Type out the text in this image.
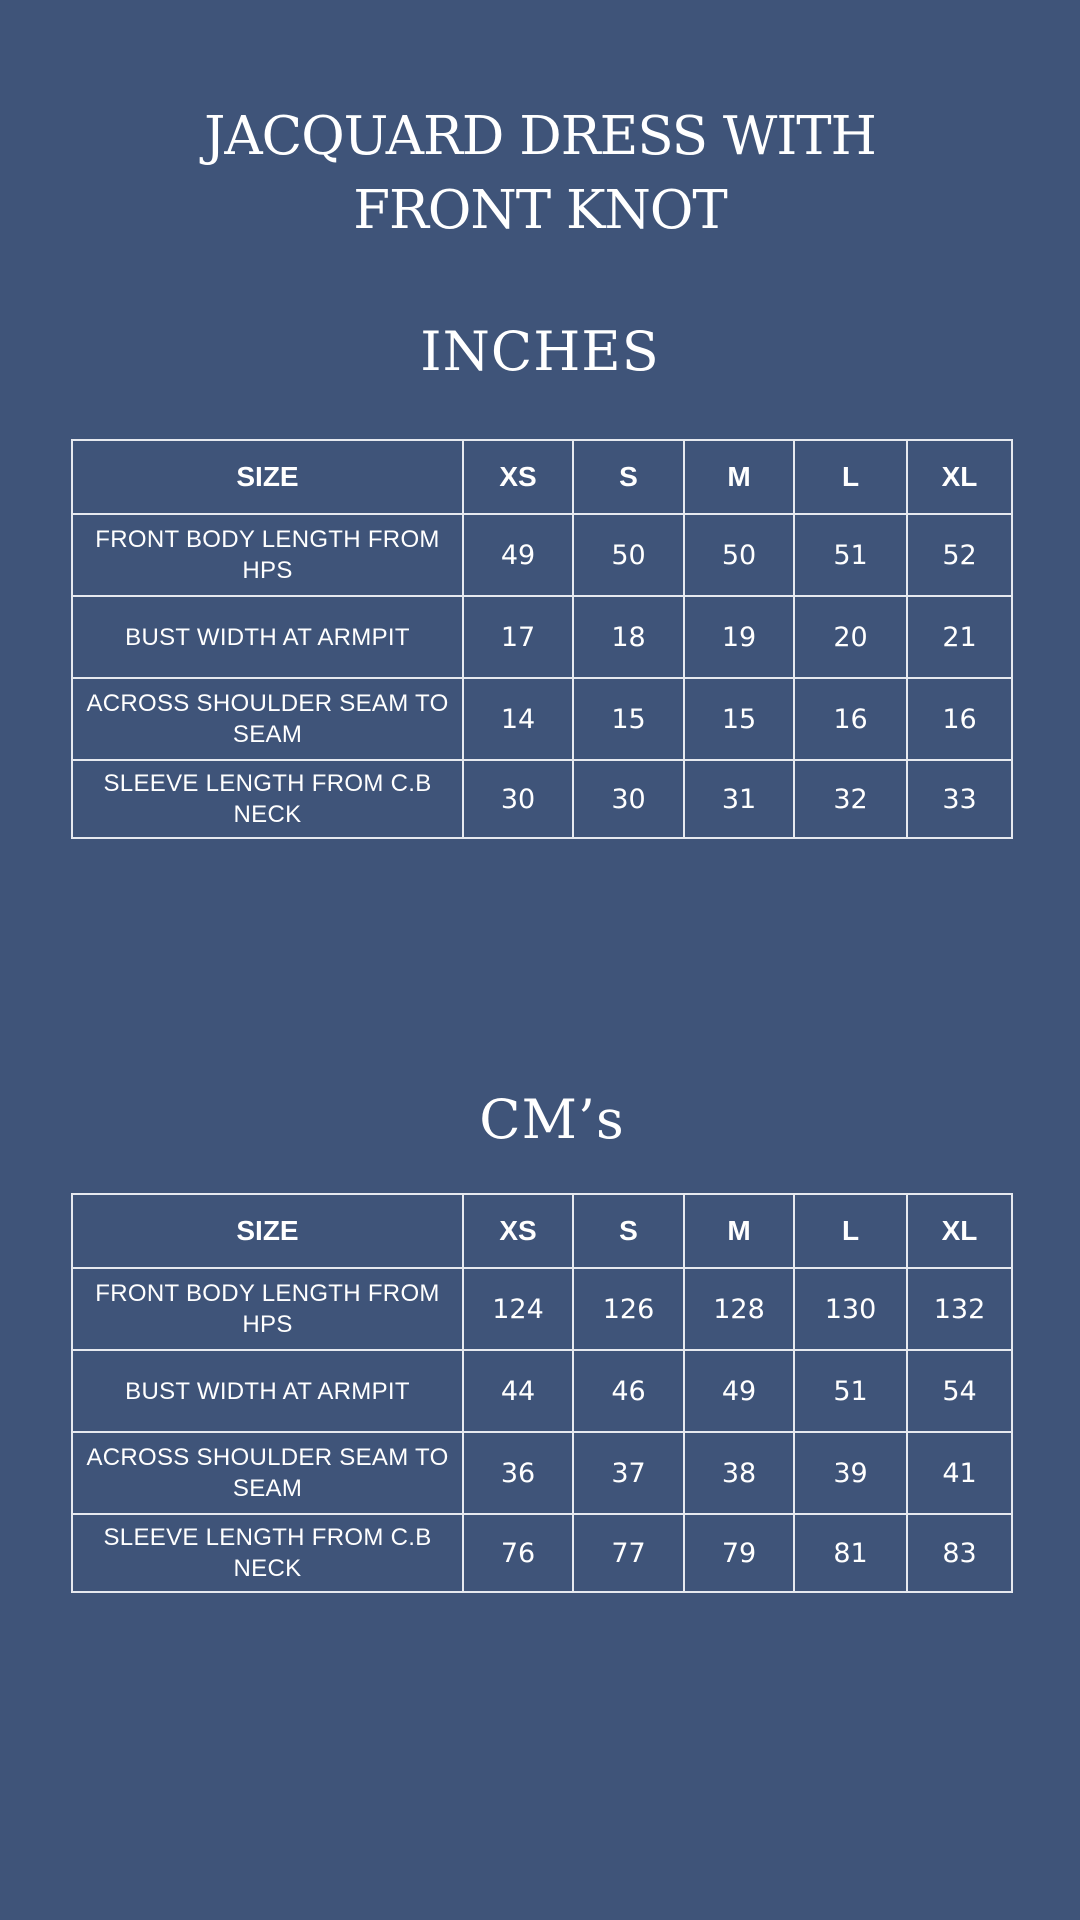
JACQUARD DRESS WITH
FRONT KNOT
INCHES
SIZE	XS	S	M	L	XL
FRONT BODY LENGTH FROM HPS	49	50	50	51	52
BUST WIDTH AT ARMPIT	17	18	19	20	21
ACROSS SHOULDER SEAM TO SEAM	14	15	15	16	16
SLEEVE LENGTH FROM C.B NECK	30	30	31	32	33
CM’s
SIZE	XS	S	M	L	XL
FRONT BODY LENGTH FROM HPS	124	126	128	130	132
BUST WIDTH AT ARMPIT	44	46	49	51	54
ACROSS SHOULDER SEAM TO SEAM	36	37	38	39	41
SLEEVE LENGTH FROM C.B NECK	76	77	79	81	83
